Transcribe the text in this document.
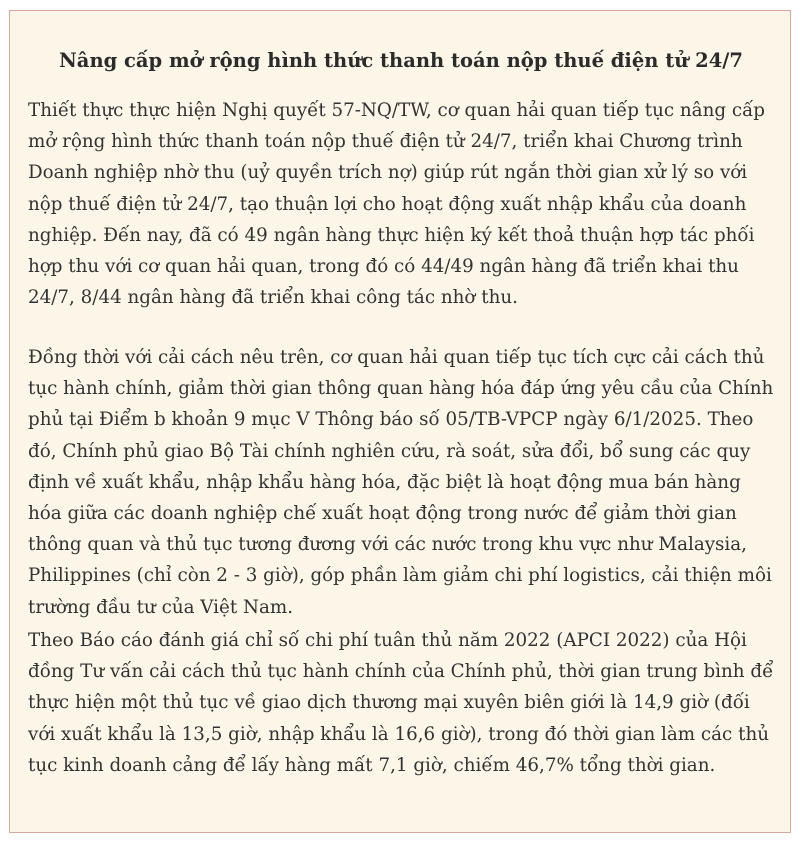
Nâng cấp mở rộng hình thức thanh toán nộp thuế điện tử 24/7

Thiết thực thực hiện Nghị quyết 57-NQ/TW, cơ quan hải quan tiếp tục nâng cấp mở rộng hình thức thanh toán nộp thuế điện tử 24/7, triển khai Chương trình Doanh nghiệp nhờ thu (uỷ quyền trích nợ) giúp rút ngắn thời gian xử lý so với nộp thuế điện tử 24/7, tạo thuận lợi cho hoạt động xuất nhập khẩu của doanh nghiệp. Đến nay, đã có 49 ngân hàng thực hiện ký kết thoả thuận hợp tác phối hợp thu với cơ quan hải quan, trong đó có 44/49 ngân hàng đã triển khai thu 24/7, 8/44 ngân hàng đã triển khai công tác nhờ thu.

Đồng thời với cải cách nêu trên, cơ quan hải quan tiếp tục tích cực cải cách thủ tục hành chính, giảm thời gian thông quan hàng hóa đáp ứng yêu cầu của Chính phủ tại Điểm b khoản 9 mục V Thông báo số 05/TB-VPCP ngày 6/1/2025. Theo đó, Chính phủ giao Bộ Tài chính nghiên cứu, rà soát, sửa đổi, bổ sung các quy định về xuất khẩu, nhập khẩu hàng hóa, đặc biệt là hoạt động mua bán hàng hóa giữa các doanh nghiệp chế xuất hoạt động trong nước để giảm thời gian thông quan và thủ tục tương đương với các nước trong khu vực như Malaysia, Philippines (chỉ còn 2 - 3 giờ), góp phần làm giảm chi phí logistics, cải thiện môi trường đầu tư của Việt Nam.

Theo Báo cáo đánh giá chỉ số chi phí tuân thủ năm 2022 (APCI 2022) của Hội đồng Tư vấn cải cách thủ tục hành chính của Chính phủ, thời gian trung bình để thực hiện một thủ tục về giao dịch thương mại xuyên biên giới là 14,9 giờ (đối với xuất khẩu là 13,5 giờ, nhập khẩu là 16,6 giờ), trong đó thời gian làm các thủ tục kinh doanh cảng để lấy hàng mất 7,1 giờ, chiếm 46,7% tổng thời gian.
